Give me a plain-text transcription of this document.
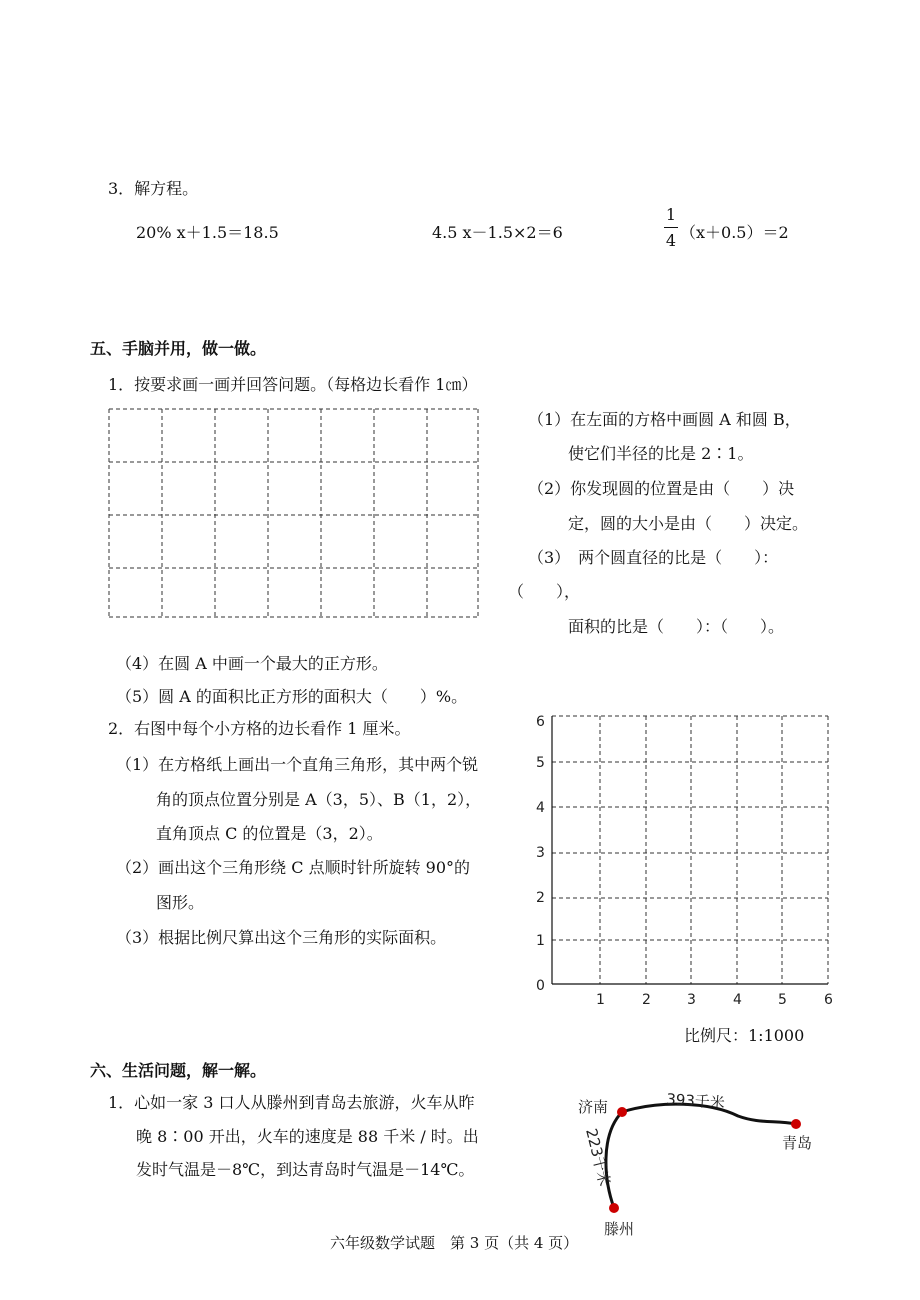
3．解方程。
20% x＋1.5＝18.5	4.5 x－1.5×2＝6
1
4 （x＋0.5）＝2
五、手脑并用，做一做。
1．按要求画一画并回答问题。（每格边长看作 1㎝）
（1）在左面的方格中画圆 A 和圆 B，
使它们半径的比是 2∶1。
（2）你发现圆的位置是由（　　）决
定，圆的大小是由（　　）决定。
（3）　两个圆直径的比是（　　）：
（　　），
面积的比是（　　）：（　　）。
（4）在圆 A 中画一个最大的正方形。
（5）圆 A 的面积比正方形的面积大（　　）%。
2．右图中每个小方格的边长看作 1 厘米。
（1）在方格纸上画出一个直角三角形，其中两个锐
角的顶点位置分别是 A（3，5）、B（1，2），
直角顶点 C 的位置是（3，2）。
（2）画出这个三角形绕 C 点顺时针所旋转 90°的
图形。
（3）根据比例尺算出这个三角形的实际面积。
0
1
2
3
4
5
6
1	2	3	4	5	6
比例尺：1:1000
六、生活问题，解一解。
1．心如一家 3 口人从滕州到青岛去旅游，火车从昨
晚 8∶00 开出，火车的速度是 88 千米 / 时。出
发时气温是－8℃，到达青岛时气温是－14℃。
济南
青岛
滕州
393千米
223千米
六年级数学试题　第 3 页（共 4 页）
